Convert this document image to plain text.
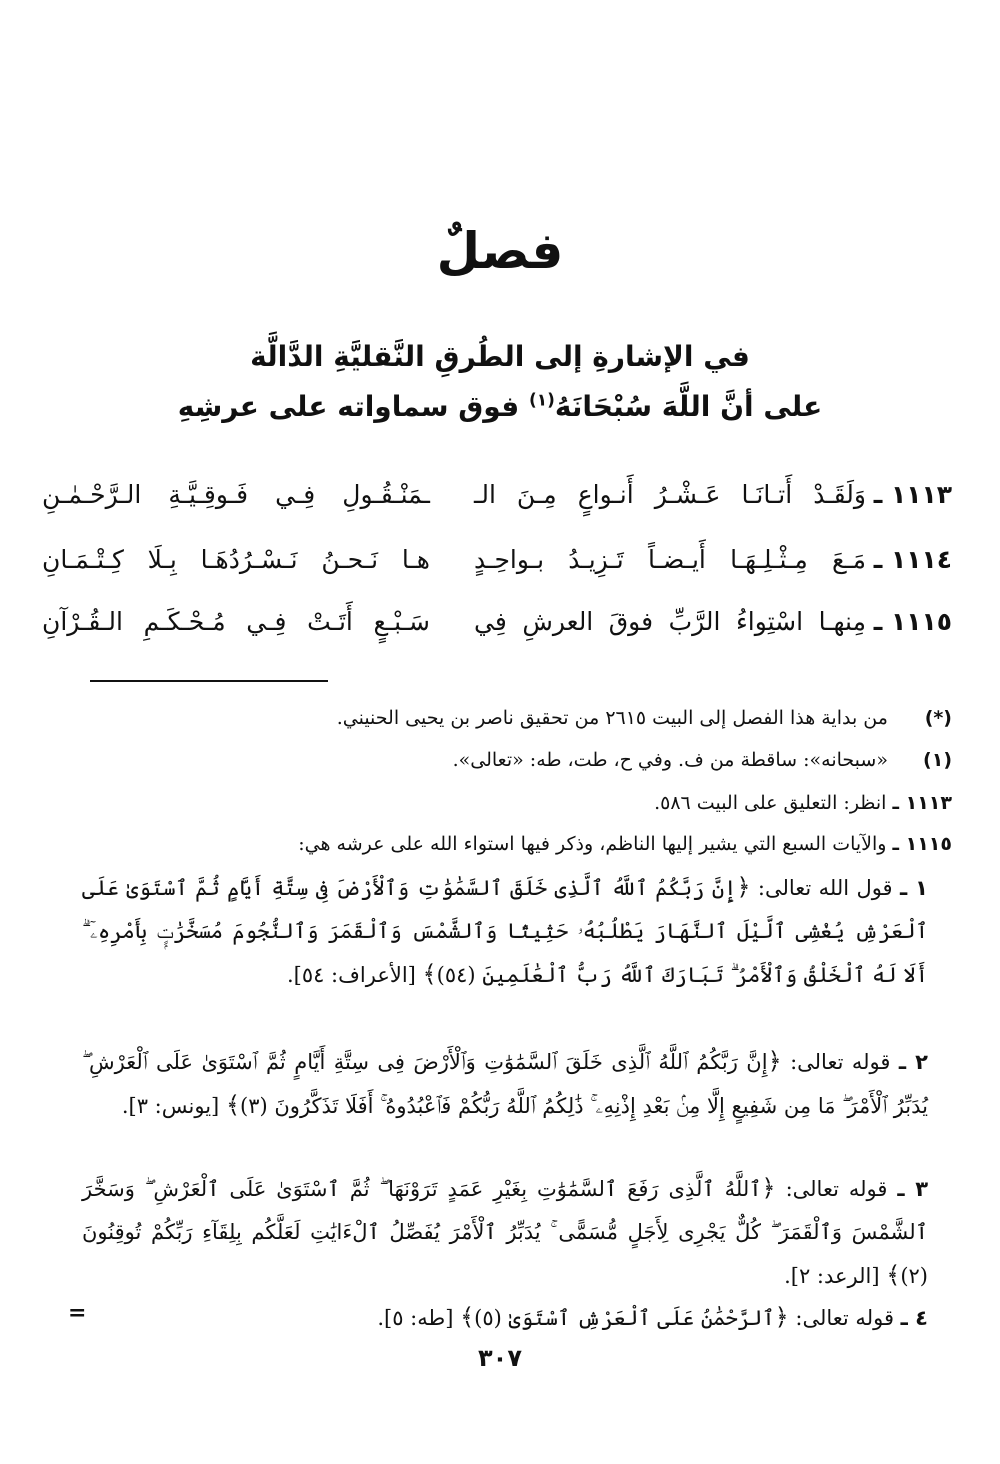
فصلٌ
في الإشارةِ إلى الطُرقِ النَّقليَّةِ الدَّالَّة
على أنَّ اللَّهَ سُبْحَانَهُ$^{(١)}$ فوق سماواته على عرشِهِ
١١١٣ ـ
وَلَقَـدْ أَتـانَـا عَـشْـرُ أَنـواعٍ مِـنَ الـ
ـمَنْـقُـولِ فِـي فَـوقِـيَّـةِ الـرَّحْـمٰـنِ
١١١٤ ـ
مَـعَ مِـثْـلِـهَـا أَيـضـاً تَـزِيـدُ بـواحِـدٍ
هـا نَـحـنُ نَـسْـرُدُهَـا بِـلَا كِـتْـمَـانِ
١١١٥ ـ
مِنهـا اسْتِواءُ الرَّبِّ فوقَ العرشِ فِي
سَـبْـعٍ أَتَـتْ فِـي مُـحْـكَـمِ الـقُـرْآنِ
(*) من بداية هذا الفصل إلى البيت ٢٦١٥ من تحقيق ناصر بن يحيى الحنيني.
(١) «سبحانه»: ساقطة من ف. وفي ح، طت، طه: «تعالى».
١١١٣ ـ انظر: التعليق على البيت ٥٨٦.
١١١٥ ـ والآيات السبع التي يشير إليها الناظم، وذكر فيها استواء الله على عرشه هي:
١ ـ قول الله تعالى: ﴿إِنَّ رَبَّكُمُ ٱللَّهُ ٱلَّذِى خَلَقَ ٱلسَّمَٰوَٰتِ وَٱلْأَرْضَ فِى سِتَّةِ أَيَّامٍ ثُمَّ ٱسْتَوَىٰ عَلَى ٱلْعَرْشِ يُغْشِى ٱلَّيْلَ ٱلنَّهَارَ يَطْلُبُهُۥ حَثِيثًا وَٱلشَّمْسَ وَٱلْقَمَرَ وَٱلنُّجُومَ مُسَخَّرَٰتٍۭ بِأَمْرِهِۦٓ ۗ أَلَا لَهُ ٱلْخَلْقُ وَٱلْأَمْرُ ۗ تَبَارَكَ ٱللَّهُ رَبُّ ٱلْعَٰلَمِينَ (٥٤)﴾ [الأعراف: ٥٤].
٢ ـ قوله تعالى: ﴿إِنَّ رَبَّكُمُ ٱللَّهُ ٱلَّذِى خَلَقَ ٱلسَّمَٰوَٰتِ وَٱلْأَرْضَ فِى سِتَّةِ أَيَّامٍ ثُمَّ ٱسْتَوَىٰ عَلَى ٱلْعَرْشِ ۖ يُدَبِّرُ ٱلْأَمْرَ ۖ مَا مِن شَفِيعٍ إِلَّا مِنۢ بَعْدِ إِذْنِهِۦ ۚ ذَٰلِكُمُ ٱللَّهُ رَبُّكُمْ فَٱعْبُدُوهُ ۚ أَفَلَا تَذَكَّرُونَ (٣)﴾ [يونس: ٣].
٣ ـ قوله تعالى: ﴿ٱللَّهُ ٱلَّذِى رَفَعَ ٱلسَّمَٰوَٰتِ بِغَيْرِ عَمَدٍ تَرَوْنَهَا ۖ ثُمَّ ٱسْتَوَىٰ عَلَى ٱلْعَرْشِ ۖ وَسَخَّرَ ٱلشَّمْسَ وَٱلْقَمَرَ ۖ كُلٌّ يَجْرِى لِأَجَلٍ مُّسَمًّى ۚ يُدَبِّرُ ٱلْأَمْرَ يُفَصِّلُ ٱلْءَايَٰتِ لَعَلَّكُم بِلِقَآءِ رَبِّكُمْ تُوقِنُونَ (٢)﴾ [الرعد: ٢].
٤ ـ قوله تعالى: ﴿ٱلرَّحْمَٰنُ عَلَى ٱلْعَرْشِ ٱسْتَوَىٰ (٥)﴾ [طه: ٥].
=
٣٠٧
